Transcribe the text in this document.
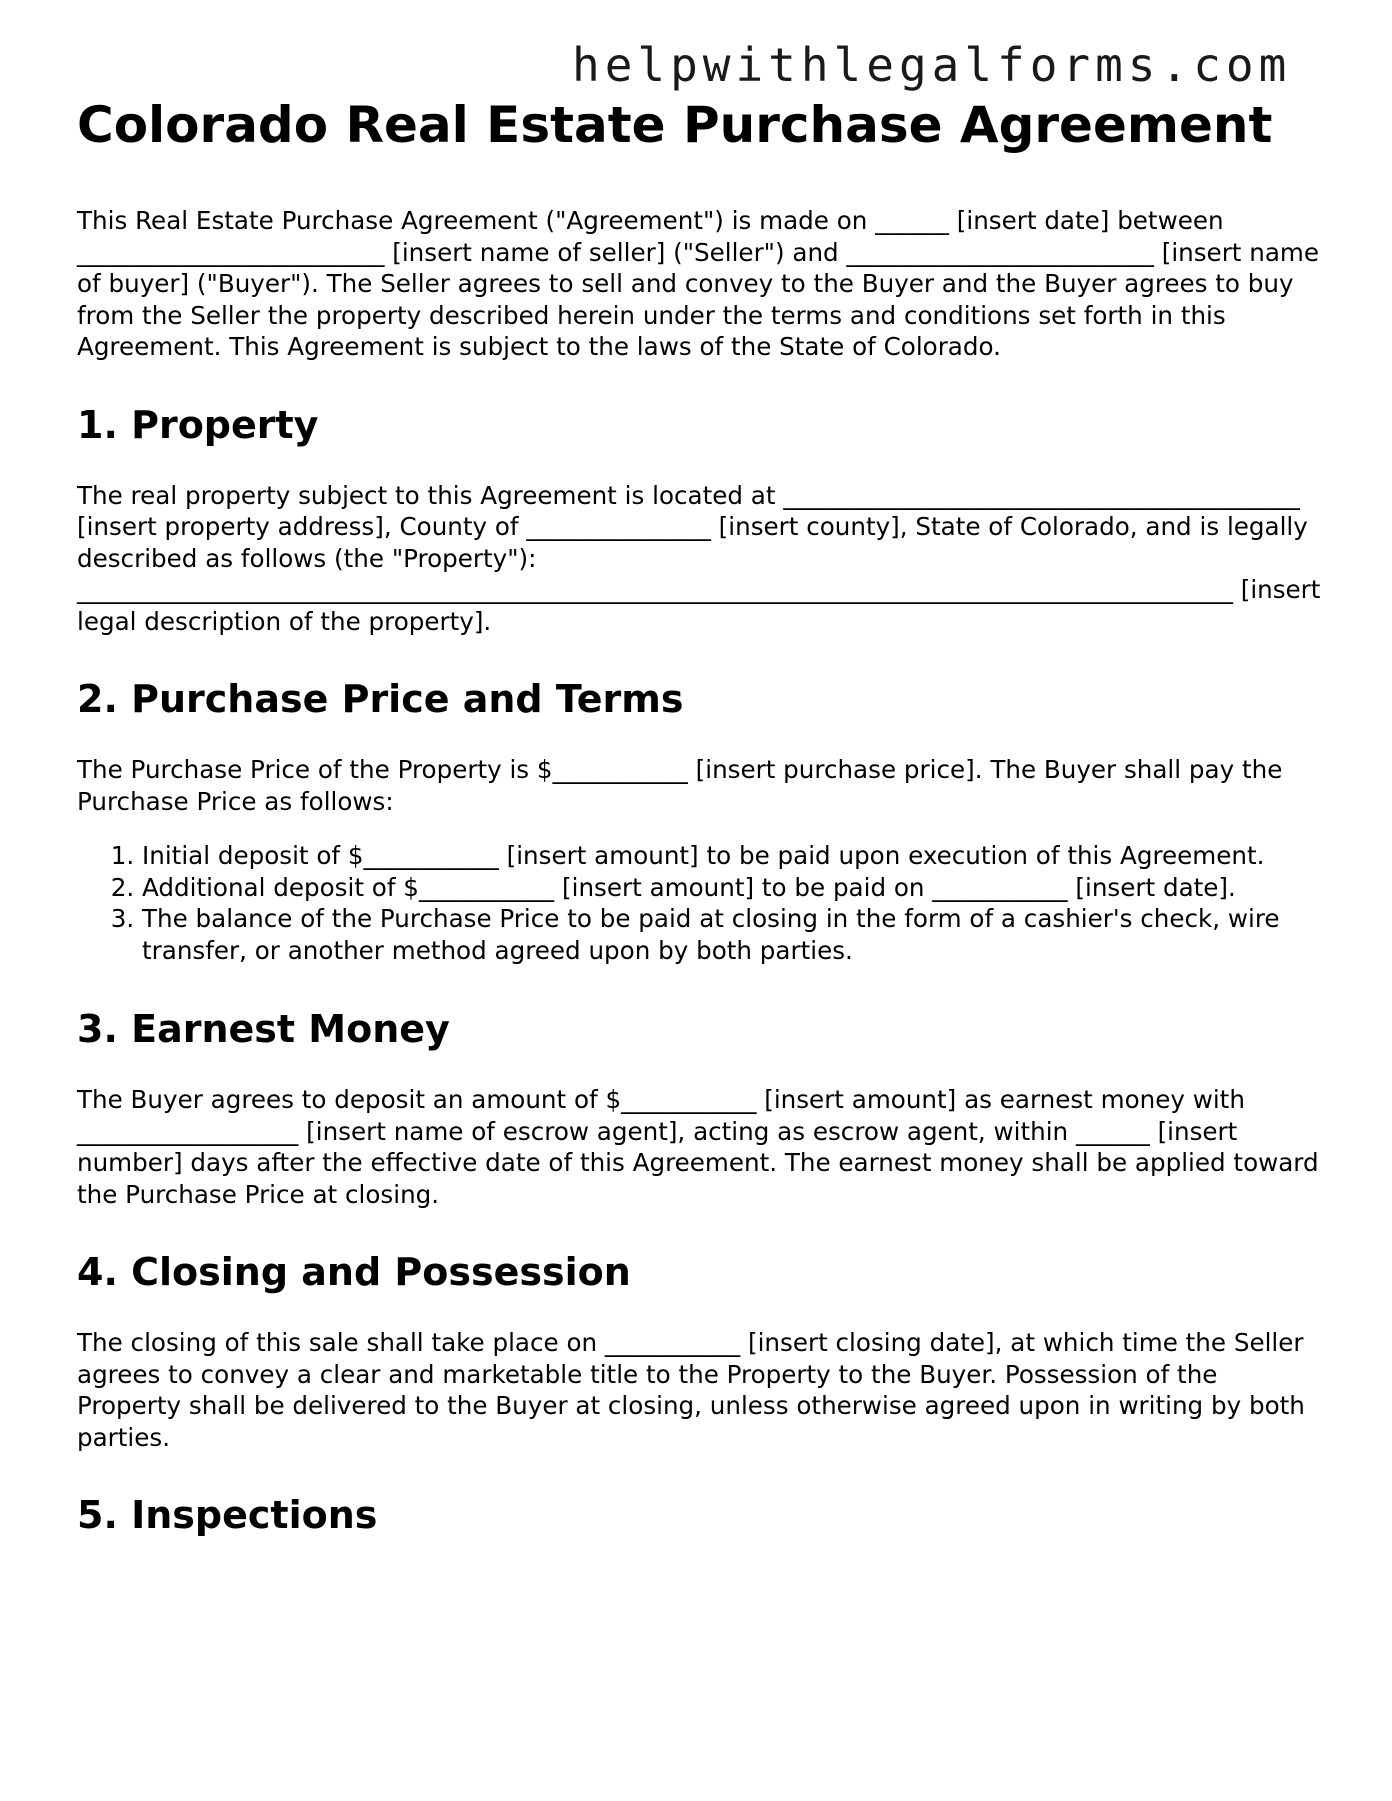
helpwithlegalforms.com
Colorado Real Estate Purchase Agreement

This Real Estate Purchase Agreement ("Agreement") is made on ______ [insert date] between _________________________ [insert name of seller] ("Seller") and _________________________ [insert name of buyer] ("Buyer"). The Seller agrees to sell and convey to the Buyer and the Buyer agrees to buy from the Seller the property described herein under the terms and conditions set forth in this Agreement. This Agreement is subject to the laws of the State of Colorado.

1. Property

The real property subject to this Agreement is located at __________________________________________ [insert property address], County of _______________ [insert county], State of Colorado, and is legally described as follows (the "Property"):

______________________________________________________________________________________________ [insert legal description of the property].

2. Purchase Price and Terms

The Purchase Price of the Property is $___________ [insert purchase price]. The Buyer shall pay the Purchase Price as follows:

1. Initial deposit of $___________ [insert amount] to be paid upon execution of this Agreement.
2. Additional deposit of $___________ [insert amount] to be paid on ___________ [insert date].
3. The balance of the Purchase Price to be paid at closing in the form of a cashier's check, wire transfer, or another method agreed upon by both parties.
3. Earnest Money

The Buyer agrees to deposit an amount of $___________ [insert amount] as earnest money with __________________ [insert name of escrow agent], acting as escrow agent, within ______ [insert number] days after the effective date of this Agreement. The earnest money shall be applied toward the Purchase Price at closing.

4. Closing and Possession

The closing of this sale shall take place on ___________ [insert closing date], at which time the Seller agrees to convey a clear and marketable title to the Property to the Buyer. Possession of the Property shall be delivered to the Buyer at closing, unless otherwise agreed upon in writing by both parties.

5. Inspections
